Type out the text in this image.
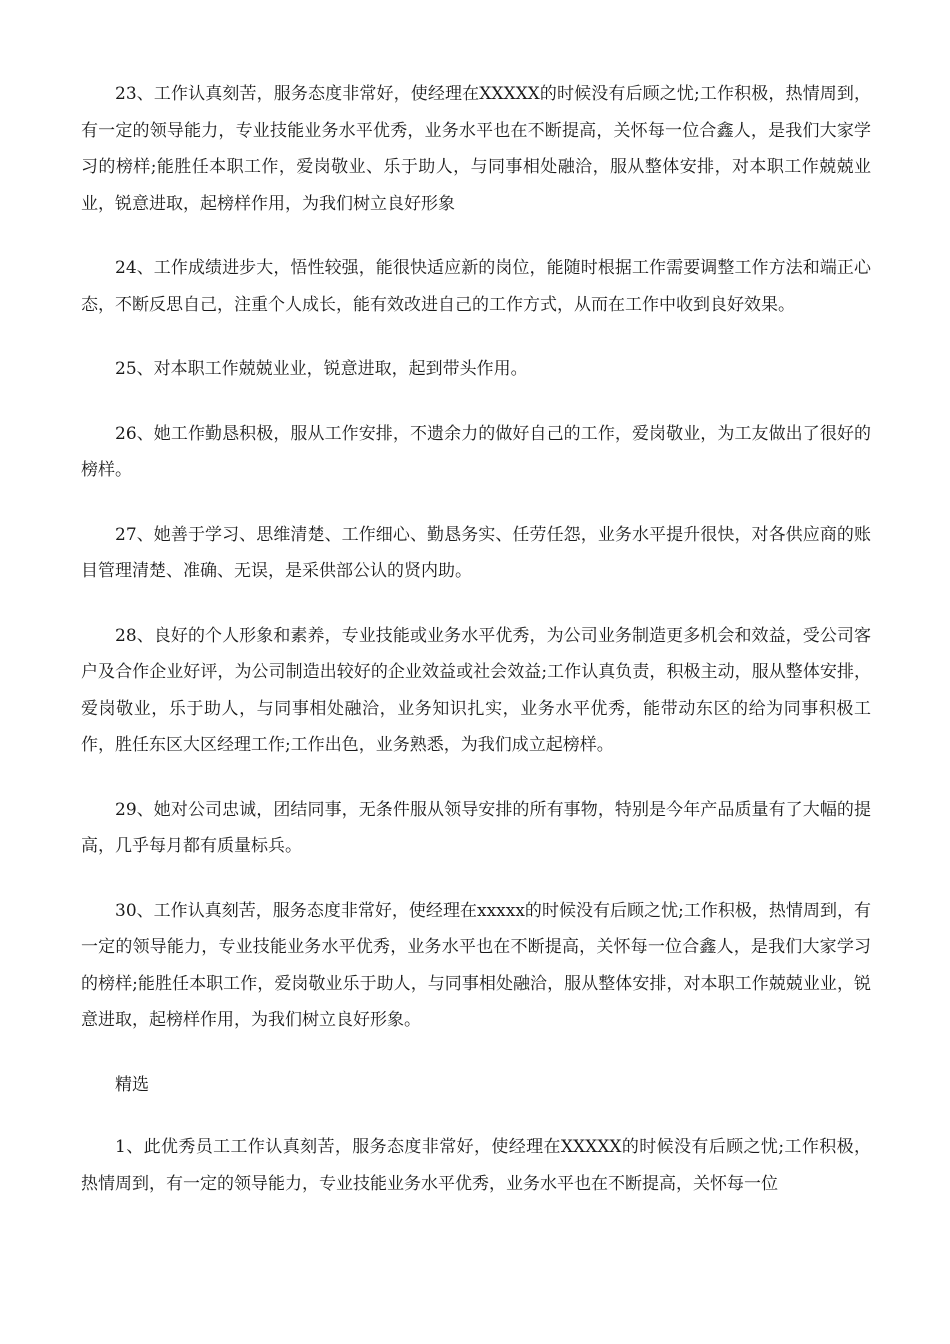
23、工作认真刻苦，服务态度非常好，使经理在XXXXX的时候没有后顾之忧;工作积极，热情周到，有一定的领导能力，专业技能业务水平优秀，业务水平也在不断提高，关怀每一位合鑫人，是我们大家学习的榜样;能胜任本职工作，爱岗敬业、乐于助人，与同事相处融洽，服从整体安排，对本职工作兢兢业业，锐意进取，起榜样作用，为我们树立良好形象

24、工作成绩进步大，悟性较强，能很快适应新的岗位，能随时根据工作需要调整工作方法和端正心态，不断反思自己，注重个人成长，能有效改进自己的工作方式，从而在工作中收到良好效果。

25、对本职工作兢兢业业，锐意进取，起到带头作用。

26、她工作勤恳积极，服从工作安排，不遗余力的做好自己的工作，爱岗敬业，为工友做出了很好的榜样。

27、她善于学习、思维清楚、工作细心、勤恳务实、任劳任怨，业务水平提升很快，对各供应商的账目管理清楚、准确、无误，是采供部公认的贤内助。

28、良好的个人形象和素养，专业技能或业务水平优秀，为公司业务制造更多机会和效益，受公司客户及合作企业好评，为公司制造出较好的企业效益或社会效益;工作认真负责，积极主动，服从整体安排，爱岗敬业，乐于助人，与同事相处融洽，业务知识扎实，业务水平优秀，能带动东区的给为同事积极工作，胜任东区大区经理工作;工作出色，业务熟悉，为我们成立起榜样。

29、她对公司忠诚，团结同事，无条件服从领导安排的所有事物，特别是今年产品质量有了大幅的提高，几乎每月都有质量标兵。

30、工作认真刻苦，服务态度非常好，使经理在xxxxx的时候没有后顾之忧;工作积极，热情周到，有一定的领导能力，专业技能业务水平优秀，业务水平也在不断提高，关怀每一位合鑫人，是我们大家学习的榜样;能胜任本职工作，爱岗敬业乐于助人，与同事相处融洽，服从整体安排，对本职工作兢兢业业，锐意进取，起榜样作用，为我们树立良好形象。

精选

1、此优秀员工工作认真刻苦，服务态度非常好，使经理在XXXXX的时候没有后顾之忧;工作积极，热情周到，有一定的领导能力，专业技能业务水平优秀，业务水平也在不断提高，关怀每一位
